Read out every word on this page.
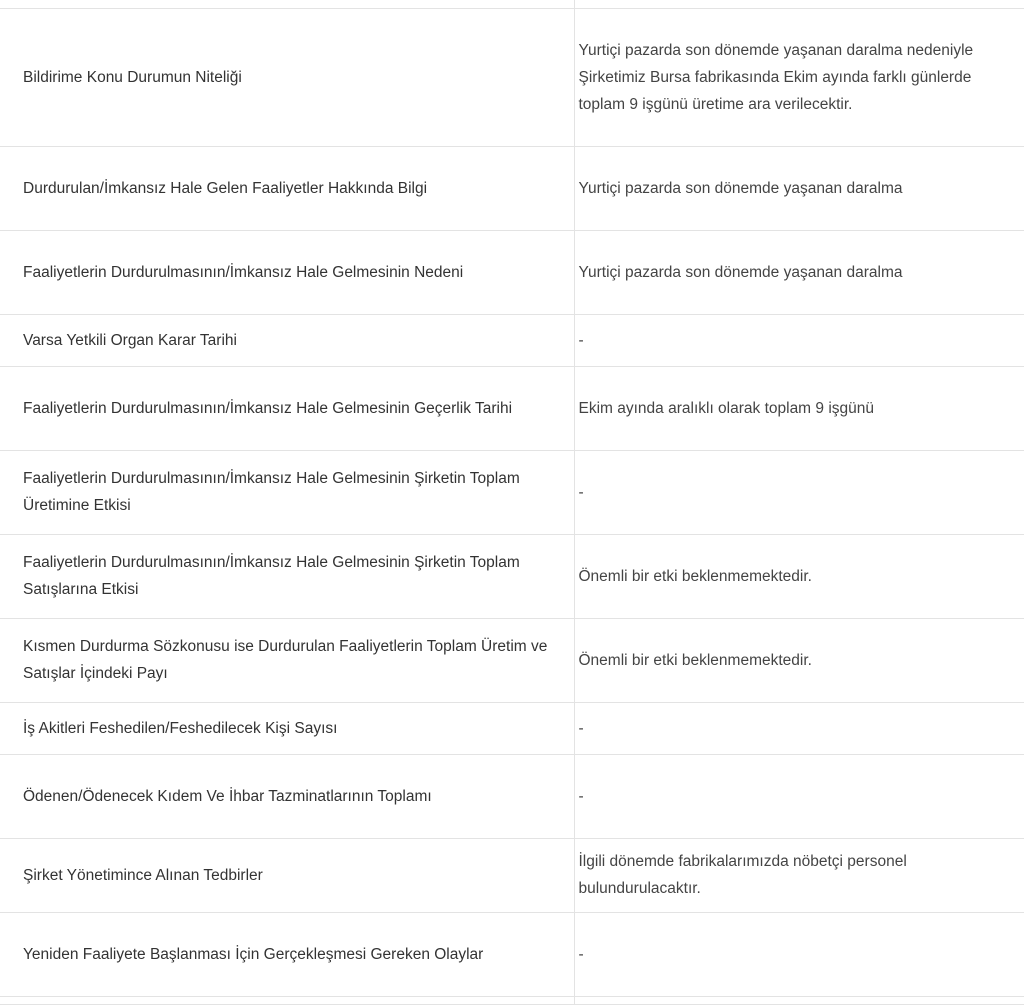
Bildirime Konu Durumun Niteliği	Yurtiçi pazarda son dönemde yaşanan daralma nedeniyle Şirketimiz Bursa fabrikasında Ekim ayında farklı günlerde toplam 9 işgünü üretime ara verilecektir.
Durdurulan/İmkansız Hale Gelen Faaliyetler Hakkında Bilgi	Yurtiçi pazarda son dönemde yaşanan daralma
Faaliyetlerin Durdurulmasının/İmkansız Hale Gelmesinin Nedeni	Yurtiçi pazarda son dönemde yaşanan daralma
Varsa Yetkili Organ Karar Tarihi	-
Faaliyetlerin Durdurulmasının/İmkansız Hale Gelmesinin Geçerlik Tarihi	Ekim ayında aralıklı olarak toplam 9 işgünü
Faaliyetlerin Durdurulmasının/İmkansız Hale Gelmesinin Şirketin Toplam Üretimine Etkisi	-
Faaliyetlerin Durdurulmasının/İmkansız Hale Gelmesinin Şirketin Toplam Satışlarına Etkisi	Önemli bir etki beklenmemektedir.
Kısmen Durdurma Sözkonusu ise Durdurulan Faaliyetlerin Toplam Üretim ve Satışlar İçindeki Payı	Önemli bir etki beklenmemektedir.
İş Akitleri Feshedilen/Feshedilecek Kişi Sayısı	-
Ödenen/Ödenecek Kıdem Ve İhbar Tazminatlarının Toplamı	-
Şirket Yönetimince Alınan Tedbirler	İlgili dönemde fabrikalarımızda nöbetçi personel bulundurulacaktır.
Yeniden Faaliyete Başlanması İçin Gerçekleşmesi Gereken Olaylar	-
